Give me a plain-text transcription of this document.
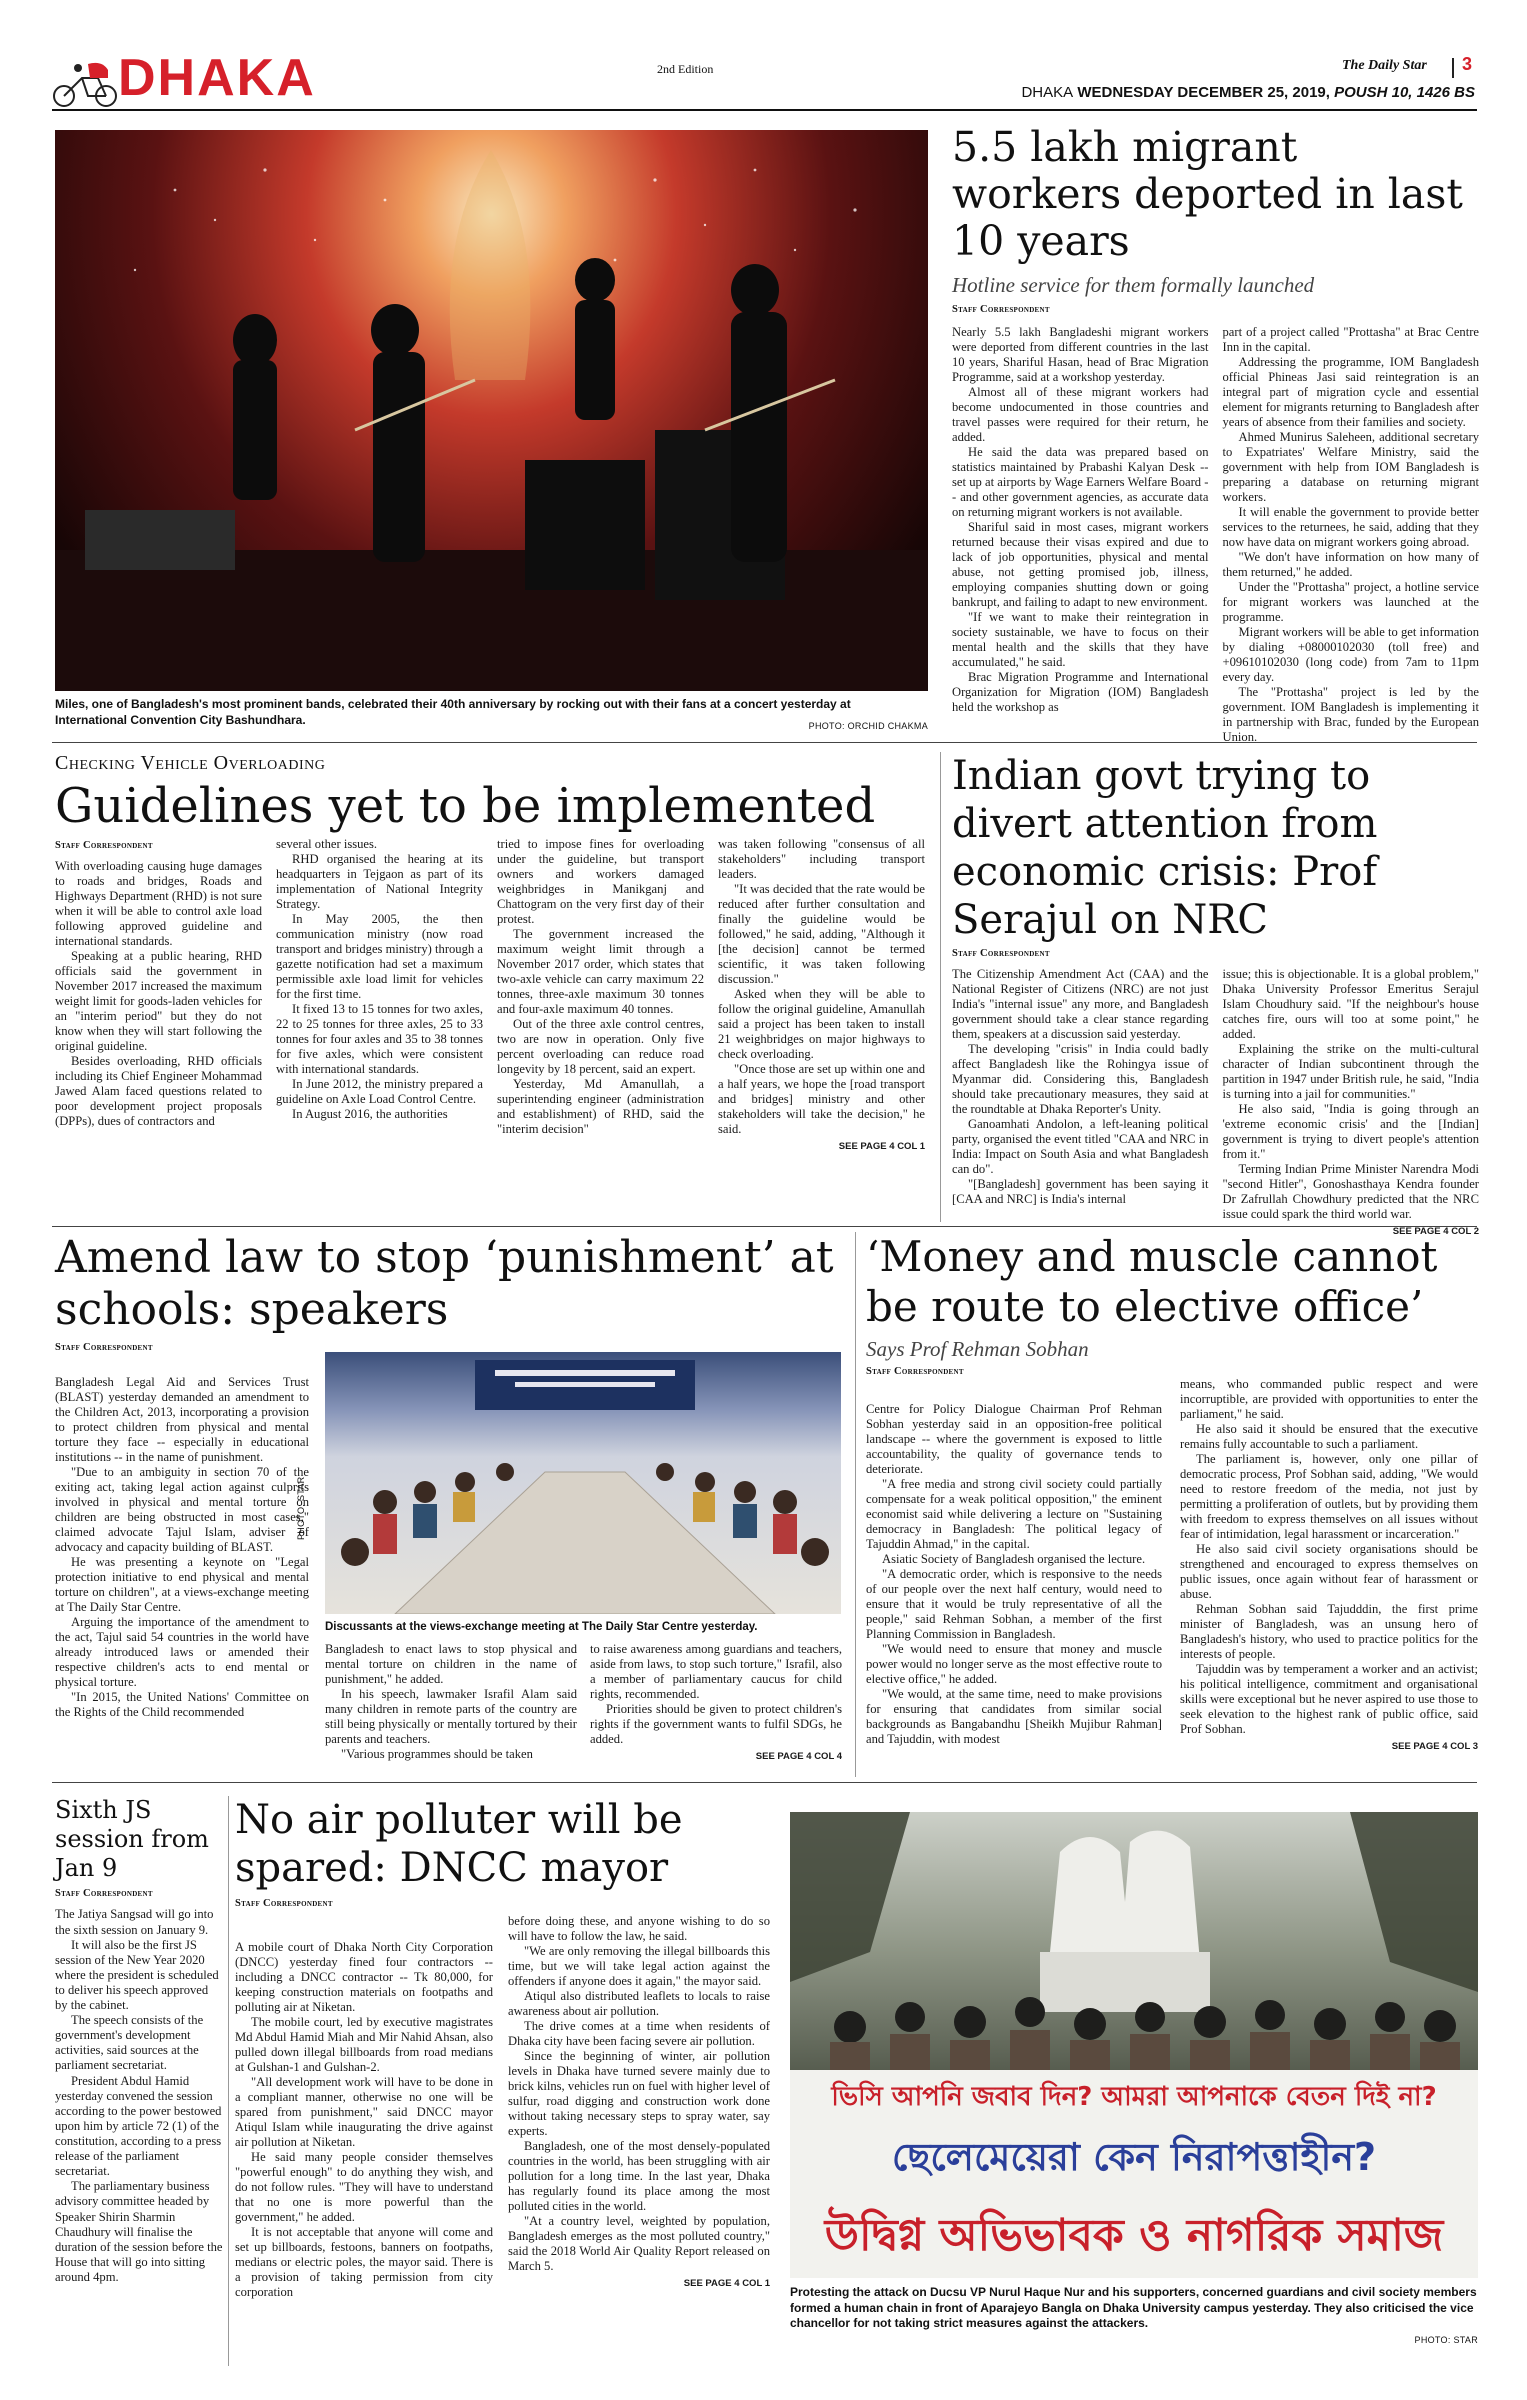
DHAKA	2nd Edition	The Daily Star 3
DHAKA WEDNESDAY DECEMBER 25, 2019, POUSH 10, 1426 BS
Miles, one of Bangladesh's most prominent bands, celebrated their 40th anniversary by rocking out with their fans at a concert yesterday at International Convention City Bashundhara.	PHOTO: ORCHID CHAKMA
5.5 lakh migrant workers deported in last 10 years
Hotline service for them formally launched
Staff Correspondent

Nearly 5.5 lakh Bangladeshi migrant workers were deported from different countries in the last 10 years, Shariful Hasan, head of Brac Migration Programme, said at a workshop yesterday.

Almost all of these migrant workers had become undocumented in those countries and travel passes were required for their return, he added.

He said the data was prepared based on statistics maintained by Prabashi Kalyan Desk -- set up at airports by Wage Earners Welfare Board -- and other government agencies, as accurate data on returning migrant workers is not available.

Shariful said in most cases, migrant workers returned because their visas expired and due to lack of job opportunities, physical and mental abuse, not getting promised job, illness, employing companies shutting down or going bankrupt, and failing to adapt to new environment.

"If we want to make their reintegration in society sustainable, we have to focus on their mental health and the skills that they have accumulated," he said.

Brac Migration Programme and International Organization for Migration (IOM) Bangladesh held the workshop as

part of a project called "Prottasha" at Brac Centre Inn in the capital.

Addressing the programme, IOM Bangladesh official Phineas Jasi said reintegration is an integral part of migration cycle and essential element for migrants returning to Bangladesh after years of absence from their families and society.

Ahmed Munirus Saleheen, additional secretary to Expatriates' Welfare Ministry, said the government with help from IOM Bangladesh is preparing a database on returning migrant workers.

It will enable the government to provide better services to the returnees, he said, adding that they now have data on migrant workers going abroad.

"We don't have information on how many of them returned," he added.

Under the "Prottasha" project, a hotline service for migrant workers was launched at the programme.

Migrant workers will be able to get information by dialing +08000102030 (toll free) and +09610102030 (long code) from 7am to 11pm every day.

The "Prottasha" project is led by the government. IOM Bangladesh is implementing it in partnership with Brac, funded by the European Union.

Checking Vehicle Overloading
Guidelines yet to be implemented
Staff Correspondent

With overloading causing huge damages to roads and bridges, Roads and Highways Department (RHD) is not sure when it will be able to control axle load following approved guideline and international standards.

Speaking at a public hearing, RHD officials said the government in November 2017 increased the maximum weight limit for goods-laden vehicles for an "interim period" but they do not know when they will start following the original guideline.

Besides overloading, RHD officials including its Chief Engineer Mohammad Jawed Alam faced questions related to poor development project proposals (DPPs), dues of contractors and

several other issues.

RHD organised the hearing at its headquarters in Tejgaon as part of its implementation of National Integrity Strategy.

In May 2005, the then communication ministry (now road transport and bridges ministry) through a gazette notification had set a maximum permissible axle load limit for vehicles for the first time.

It fixed 13 to 15 tonnes for two axles, 22 to 25 tonnes for three axles, 25 to 33 tonnes for four axles and 35 to 38 tonnes for five axles, which were consistent with international standards.

In June 2012, the ministry prepared a guideline on Axle Load Control Centre.

In August 2016, the authorities

tried to impose fines for overloading under the guideline, but transport owners and workers damaged weighbridges in Manikganj and Chattogram on the very first day of their protest.

The government increased the maximum weight limit through a November 2017 order, which states that two-axle vehicle can carry maximum 22 tonnes, three-axle maximum 30 tonnes and four-axle maximum 40 tonnes.

Out of the three axle control centres, two are now in operation. Only five percent overloading can reduce road longevity by 18 percent, said an expert.

Yesterday, Md Amanullah, a superintending engineer (administration and establishment) of RHD, said the "interim decision"

was taken following "consensus of all stakeholders" including transport leaders.

"It was decided that the rate would be reduced after further consultation and finally the guideline would be followed," he said, adding, "Although it [the decision] cannot be termed scientific, it was taken following discussion."

Asked when they will be able to follow the original guideline, Amanullah said a project has been taken to install 21 weighbridges on major highways to check overloading.

"Once those are set up within one and a half years, we hope the [road transport and bridges] ministry and other stakeholders will take the decision," he said.

SEE PAGE 4 COL 1
Indian govt trying to divert attention from economic crisis: Prof Serajul on NRC
Staff Correspondent

The Citizenship Amendment Act (CAA) and the National Register of Citizens (NRC) are not just India's "internal issue" any more, and Bangladesh government should take a clear stance regarding them, speakers at a discussion said yesterday.

The developing "crisis" in India could badly affect Bangladesh like the Rohingya issue of Myanmar did. Considering this, Bangladesh should take precautionary measures, they said at the roundtable at Dhaka Reporter's Unity.

Ganoamhati Andolon, a left-leaning political party, organised the event titled "CAA and NRC in India: Impact on South Asia and what Bangladesh can do".

"[Bangladesh] government has been saying it [CAA and NRC] is India's internal

issue; this is objectionable. It is a global problem," Dhaka University Professor Emeritus Serajul Islam Choudhury said. "If the neighbour's house catches fire, ours will too at some point," he added.

Explaining the strike on the multi-cultural character of Indian subcontinent through the partition in 1947 under British rule, he said, "India is turning into a jail for communities."

He also said, "India is going through an 'extreme economic crisis' and the [Indian] government is trying to divert people's attention from it."

Terming Indian Prime Minister Narendra Modi "second Hitler", Gonoshasthaya Kendra founder Dr Zafrullah Chowdhury predicted that the NRC issue could spark the third world war.

SEE PAGE 4 COL 2
Amend law to stop ‘punishment’ at schools: speakers
Staff Correspondent

Bangladesh Legal Aid and Services Trust (BLAST) yesterday demanded an amendment to the Children Act, 2013, incorporating a provision to protect children from physical and mental torture they face -- especially in educational institutions -- in the name of punishment.

"Due to an ambiguity in section 70 of the exiting act, taking legal action against culprits involved in physical and mental torture on children are being obstructed in most cases," claimed advocate Tajul Islam, adviser of advocacy and capacity building of BLAST.

He was presenting a keynote on "Legal protection initiative to end physical and mental torture on children", at a views-exchange meeting at The Daily Star Centre.

Arguing the importance of the amendment to the act, Tajul said 54 countries in the world have already introduced laws or amended their respective children's acts to end mental or physical torture.

"In 2015, the United Nations' Committee on the Rights of the Child recommended

PHOTO: STAR
Discussants at the views-exchange meeting at The Daily Star Centre yesterday.

Bangladesh to enact laws to stop physical and mental torture on children in the name of punishment," he added.

In his speech, lawmaker Israfil Alam said many children in remote parts of the country are still being physically or mentally tortured by their parents and teachers.

"Various programmes should be taken

to raise awareness among guardians and teachers, aside from laws, to stop such torture," Israfil, also a member of parliamentary caucus for child rights, recommended.

Priorities should be given to protect children's rights if the government wants to fulfil SDGs, he added.

SEE PAGE 4 COL 4
‘Money and muscle cannot be route to elective office’
Says Prof Rehman Sobhan
Staff Correspondent

Centre for Policy Dialogue Chairman Prof Rehman Sobhan yesterday said in an opposition-free political landscape -- where the government is exposed to little accountability, the quality of governance tends to deteriorate.

"A free media and strong civil society could partially compensate for a weak political opposition," the eminent economist said while delivering a lecture on "Sustaining democracy in Bangladesh: The political legacy of Tajuddin Ahmad," in the capital.

Asiatic Society of Bangladesh organised the lecture.

"A democratic order, which is responsive to the needs of our people over the next half century, would need to ensure that it would be truly representative of all the people," said Rehman Sobhan, a member of the first Planning Commission in Bangladesh.

"We would need to ensure that money and muscle power would no longer serve as the most effective route to elective office," he added.

"We would, at the same time, need to make provisions for ensuring that candidates from similar social backgrounds as Bangabandhu [Sheikh Mujibur Rahman] and Tajuddin, with modest

means, who commanded public respect and were incorruptible, are provided with opportunities to enter the parliament," he said.

He also said it should be ensured that the executive remains fully accountable to such a parliament.

The parliament is, however, only one pillar of democratic process, Prof Sobhan said, adding, "We would need to restore freedom of the media, not just by permitting a proliferation of outlets, but by providing them with freedom to express themselves on all issues without fear of intimidation, legal harassment or incarceration."

He also said civil society organisations should be strengthened and encouraged to express themselves on public issues, once again without fear of harassment or abuse.

Rehman Sobhan said Tajudddin, the first prime minister of Bangladesh, was an unsung hero of Bangladesh's history, who used to practice politics for the interests of people.

Tajuddin was by temperament a worker and an activist; his political intelligence, commitment and organisational skills were exceptional but he never aspired to use those to seek elevation to the highest rank of public office, said Prof Sobhan.

SEE PAGE 4 COL 3
Sixth JS session from Jan 9
Staff Correspondent

The Jatiya Sangsad will go into the sixth session on January 9.

It will also be the first JS session of the New Year 2020 where the president is scheduled to deliver his speech approved by the cabinet.

The speech consists of the government's development activities, said sources at the parliament secretariat.

President Abdul Hamid yesterday convened the session according to the power bestowed upon him by article 72 (1) of the constitution, according to a press release of the parliament secretariat.

The parliamentary business advisory committee headed by Speaker Shirin Sharmin Chaudhury will finalise the duration of the session before the House that will go into sitting around 4pm.

No air polluter will be spared: DNCC mayor
Staff Correspondent

A mobile court of Dhaka North City Corporation (DNCC) yesterday fined four contractors -- including a DNCC contractor -- Tk 80,000, for keeping construction materials on footpaths and polluting air at Niketan.

The mobile court, led by executive magistrates Md Abdul Hamid Miah and Mir Nahid Ahsan, also pulled down illegal billboards from road medians at Gulshan-1 and Gulshan-2.

"All development work will have to be done in a compliant manner, otherwise no one will be spared from punishment," said DNCC mayor Atiqul Islam while inaugurating the drive against air pollution at Niketan.

He said many people consider themselves "powerful enough" to do anything they wish, and do not follow rules. "They will have to understand that no one is more powerful than the government," he added.

It is not acceptable that anyone will come and set up billboards, festoons, banners on footpaths, medians or electric poles, the mayor said. There is a provision of taking permission from city corporation

before doing these, and anyone wishing to do so will have to follow the law, he said.

"We are only removing the illegal billboards this time, but we will take legal action against the offenders if anyone does it again," the mayor said.

Atiqul also distributed leaflets to locals to raise awareness about air pollution.

The drive comes at a time when residents of Dhaka city have been facing severe air pollution.

Since the beginning of winter, air pollution levels in Dhaka have turned severe mainly due to brick kilns, vehicles run on fuel with higher level of sulfur, road digging and construction work done without taking necessary steps to spray water, say experts.

Bangladesh, one of the most densely-populated countries in the world, has been struggling with air pollution for a long time. In the last year, Dhaka has regularly found its place among the most polluted cities in the world.

"At a country level, weighted by population, Bangladesh emerges as the most polluted country," said the 2018 World Air Quality Report released on March 5.

SEE PAGE 4 COL 1
ভিসি আপনি জবাব দিন? আমরা আপনাকে বেতন দিই না?
ছেলেমেয়েরা কেন নিরাপত্তাহীন?
উদ্বিগ্ন অভিভাবক ও নাগরিক সমাজ
Protesting the attack on Ducsu VP Nurul Haque Nur and his supporters, concerned guardians and civil society members formed a human chain in front of Aparajeyo Bangla on Dhaka University campus yesterday. They also criticised the vice chancellor for not taking strict measures against the attackers.
PHOTO: STAR
